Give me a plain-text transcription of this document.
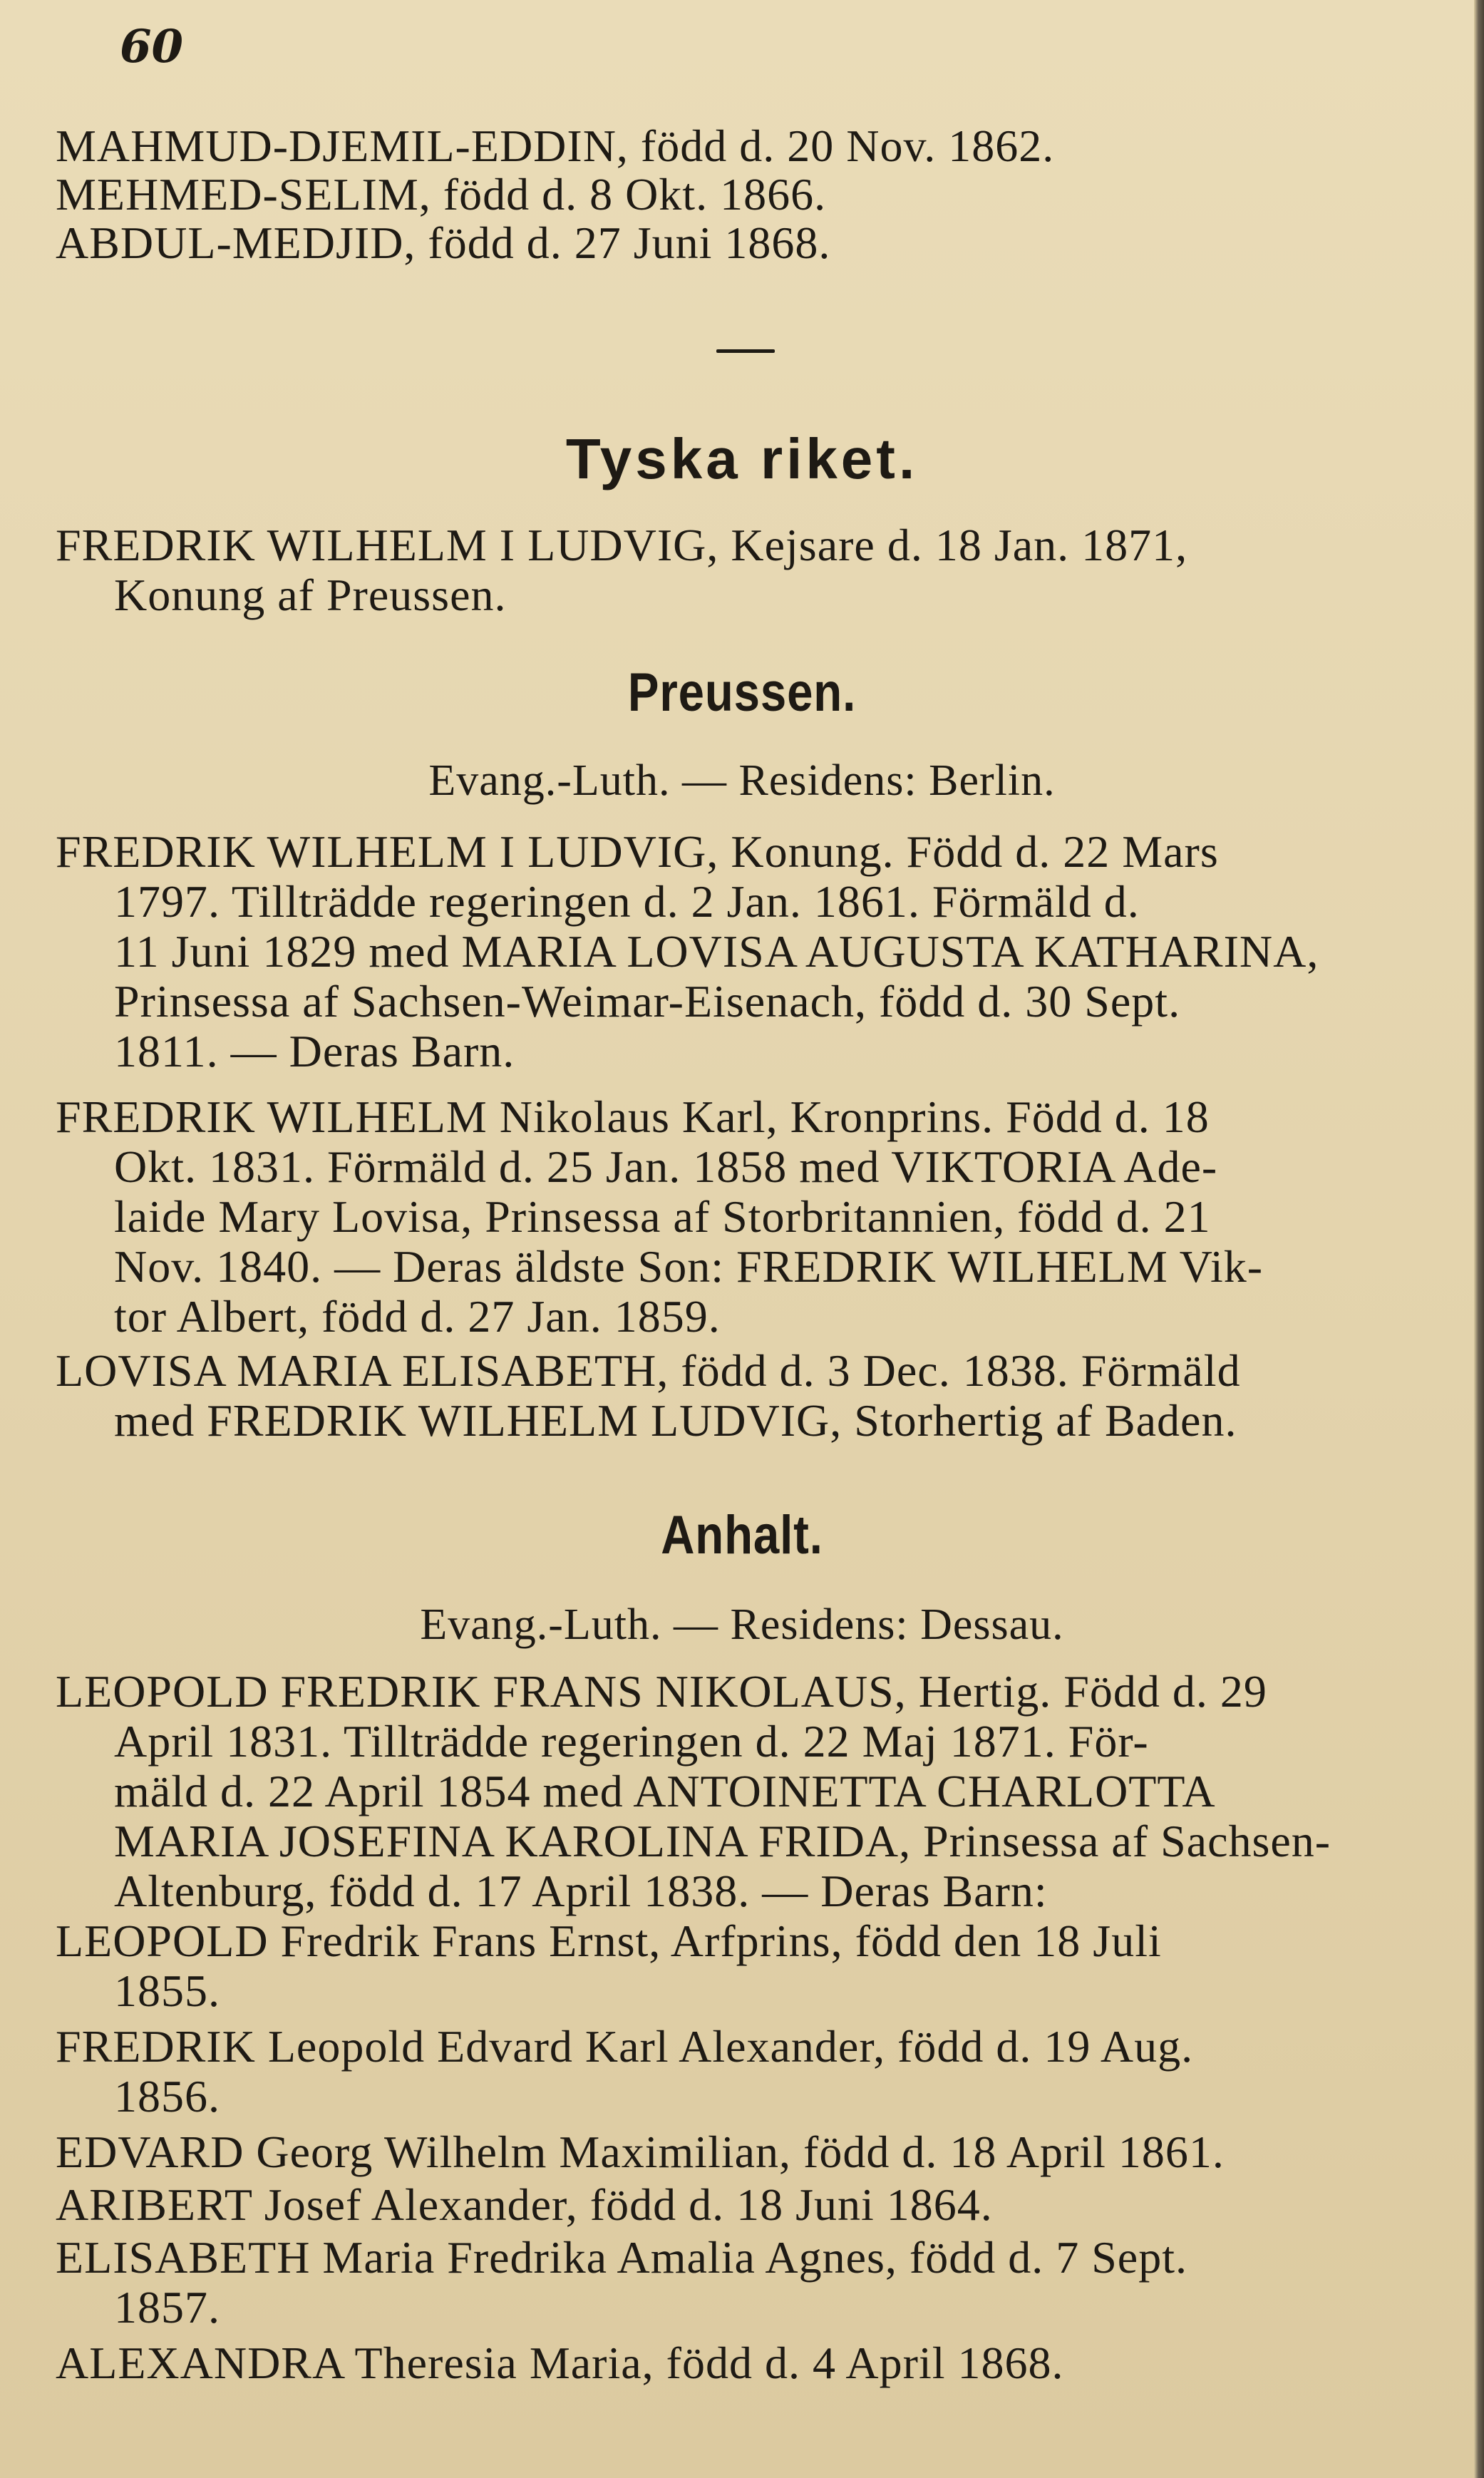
60
MAHMUD-DJEMIL-EDDIN, född d. 20 Nov. 1862.
MEHMED-SELIM, född d. 8 Okt. 1866.
ABDUL-MEDJID, född d. 27 Juni 1868.
Tyska riket.
FREDRIK WILHELM I LUDVIG, Kejsare d. 18 Jan. 1871,
Konung af Preussen.
Preussen.
Evang.-Luth. — Residens: Berlin.
FREDRIK WILHELM I LUDVIG, Konung. Född d. 22 Mars
1797. Tillträdde regeringen d. 2 Jan. 1861. Förmäld d.
11 Juni 1829 med MARIA LOVISA AUGUSTA KATHARINA,
Prinsessa af Sachsen-Weimar-Eisenach, född d. 30 Sept.
1811. — Deras Barn.
FREDRIK WILHELM Nikolaus Karl, Kronprins. Född d. 18
Okt. 1831. Förmäld d. 25 Jan. 1858 med VIKTORIA Ade-
laide Mary Lovisa, Prinsessa af Storbritannien, född d. 21
Nov. 1840. — Deras äldste Son: FREDRIK WILHELM Vik-
tor Albert, född d. 27 Jan. 1859.
LOVISA MARIA ELISABETH, född d. 3 Dec. 1838. Förmäld
med FREDRIK WILHELM LUDVIG, Storhertig af Baden.
Anhalt.
Evang.-Luth. — Residens: Dessau.
LEOPOLD FREDRIK FRANS NIKOLAUS, Hertig. Född d. 29
April 1831. Tillträdde regeringen d. 22 Maj 1871. För-
mäld d. 22 April 1854 med ANTOINETTA CHARLOTTA
MARIA JOSEFINA KAROLINA FRIDA, Prinsessa af Sachsen-
Altenburg, född d. 17 April 1838. — Deras Barn:
LEOPOLD Fredrik Frans Ernst, Arfprins, född den 18 Juli
1855.
FREDRIK Leopold Edvard Karl Alexander, född d. 19 Aug.
1856.
EDVARD Georg Wilhelm Maximilian, född d. 18 April 1861.
ARIBERT Josef Alexander, född d. 18 Juni 1864.
ELISABETH Maria Fredrika Amalia Agnes, född d. 7 Sept.
1857.
ALEXANDRA Theresia Maria, född d. 4 April 1868.
